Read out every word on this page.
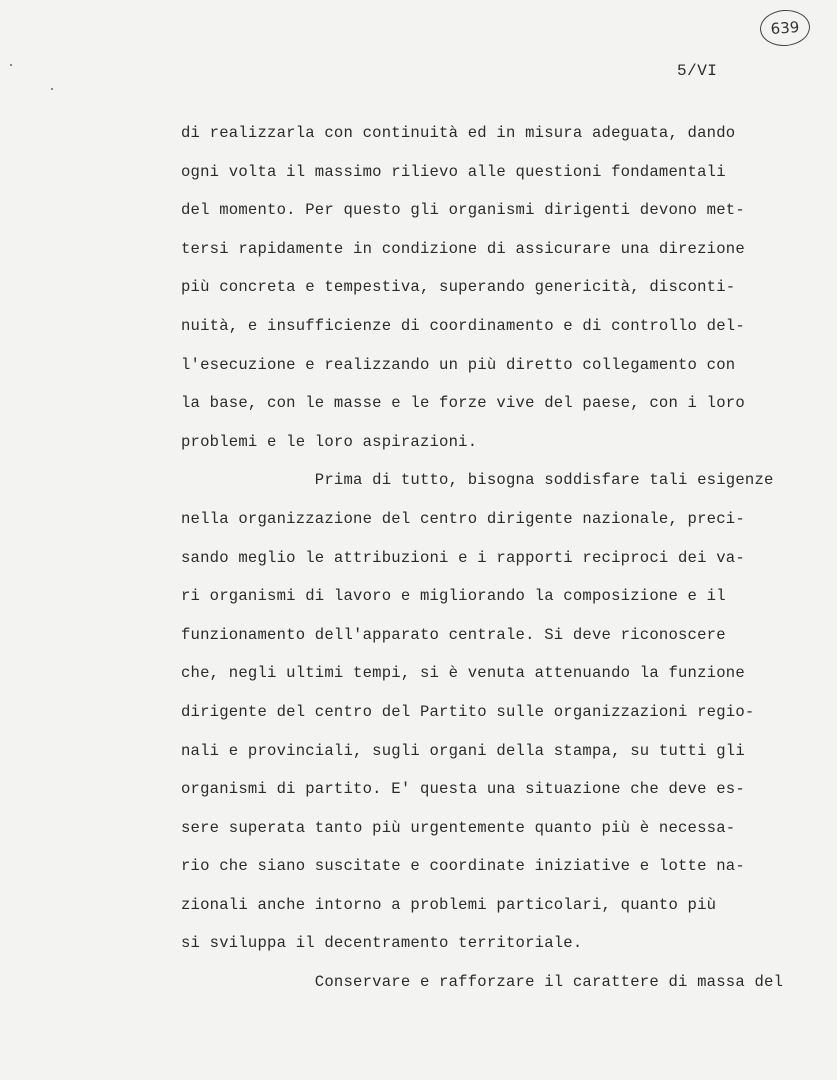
639
5/VI
di realizzarla con continuità ed in misura adeguata, dando
ogni volta il massimo rilievo alle questioni fondamentali
del momento. Per questo gli organismi dirigenti devono met-
tersi rapidamente in condizione di assicurare una direzione
più concreta e tempestiva, superando genericità, disconti-
nuità, e insufficienze di coordinamento e di controllo del-
l'esecuzione e realizzando un più diretto collegamento con
la base, con le masse e le forze vive del paese, con i loro
problemi e le loro aspirazioni.
Prima di tutto, bisogna soddisfare tali esigenze
nella organizzazione del centro dirigente nazionale, preci-
sando meglio le attribuzioni e i rapporti reciproci dei va-
ri organismi di lavoro e migliorando la composizione e il
funzionamento dell'apparato centrale. Si deve riconoscere
che, negli ultimi tempi, si è venuta attenuando la funzione
dirigente del centro del Partito sulle organizzazioni regio-
nali e provinciali, sugli organi della stampa, su tutti gli
organismi di partito. E' questa una situazione che deve es-
sere superata tanto più urgentemente quanto più è necessa-
rio che siano suscitate e coordinate iniziative e lotte na-
zionali anche intorno a problemi particolari, quanto più
si sviluppa il decentramento territoriale.
Conservare e rafforzare il carattere di massa del
